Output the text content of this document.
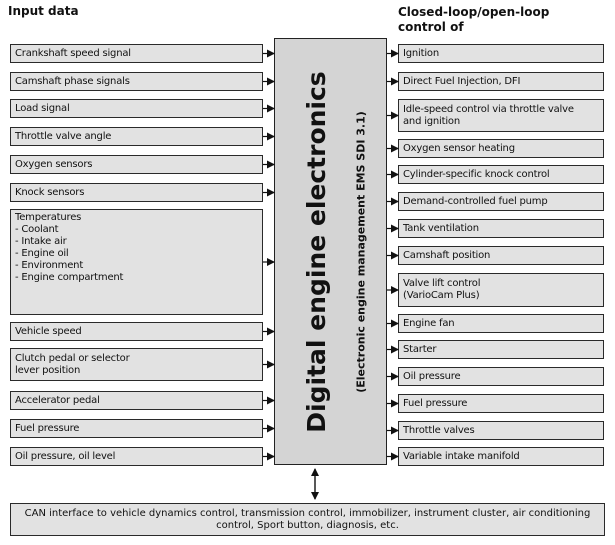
Input data	Closed-loop/open-loop control of
Crankshaft speed signal
Camshaft phase signals
Load signal
Throttle valve angle
Oxygen sensors
Knock sensors
Temperatures
- Coolant
- Intake air
- Engine oil
- Environment
- Engine compartment
Vehicle speed
Clutch pedal or selector
lever position
Accelerator pedal
Fuel pressure
Oil pressure, oil level
Ignition
Direct Fuel Injection, DFI
Idle-speed control via throttle valve
and ignition
Oxygen sensor heating
Cylinder-specific knock control
Demand-controlled fuel pump
Tank ventilation
Camshaft position
Valve lift control
(VarioCam Plus)
Engine fan
Starter
Oil pressure
Fuel pressure
Throttle valves
Variable intake manifold
Digital engine electronics (Electronic engine management EMS SDI 3.1)
CAN interface to vehicle dynamics control, transmission control, immobilizer, instrument cluster, air conditioning control, Sport button, diagnosis, etc.
